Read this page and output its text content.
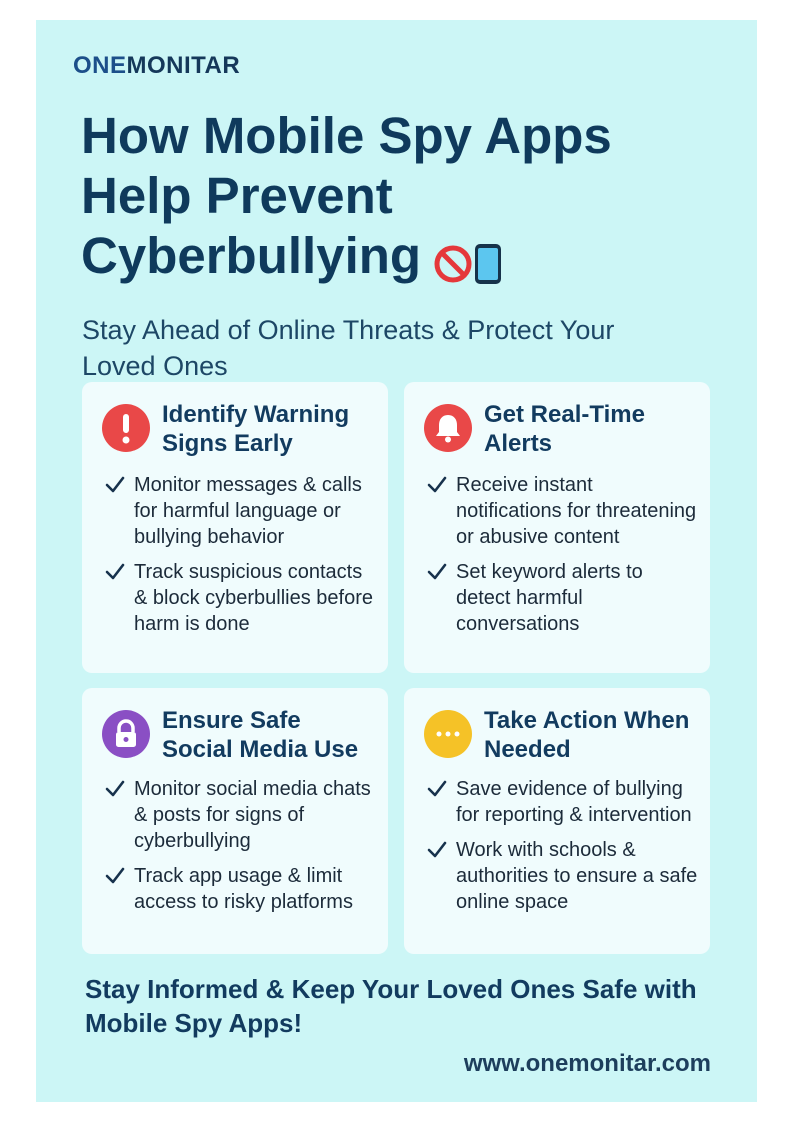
ONEMONITAR
How Mobile Spy Apps Help Prevent Cyberbullying
Stay Ahead of Online Threats & Protect Your Loved Ones
Identify Warning Signs Early
Monitor messages & calls for harmful language or bullying behavior
Track suspicious contacts & block cyberbullies before harm is done
Get Real-Time Alerts
Receive instant notifications for threatening or abusive content
Set keyword alerts to detect harmful conversations
Ensure Safe Social Media Use
Monitor social media chats & posts for signs of cyberbullying
Track app usage & limit access to risky platforms
Take Action When Needed
Save evidence of bullying for reporting & intervention
Work with schools & authorities to ensure a safe online space
Stay Informed & Keep Your Loved Ones Safe with Mobile Spy Apps!
www.onemonitar.com
